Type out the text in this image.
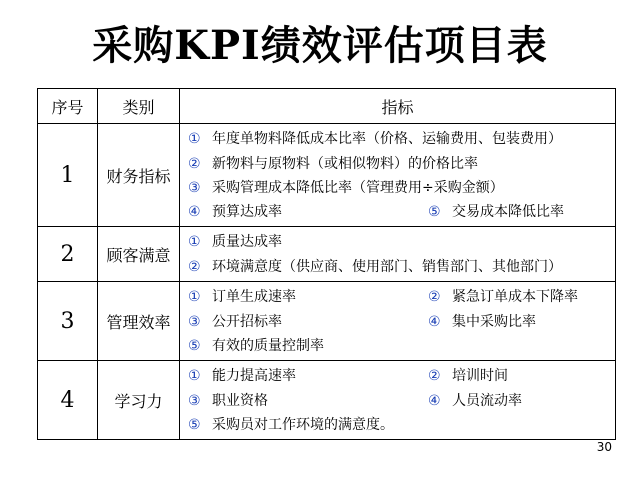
采购KPI绩效评估项目表
序号	类别	指标
1	财务指标	① 年度单物料降低成本比率（价格、运输费用、包装费用）
② 新物料与原物料（或相似物料）的价格比率
③ 采购管理成本降低比率（管理费用÷采购金额）
④ 预算达成率 ⑤ 交易成本降低比率

2	顾客满意	① 质量达成率
② 环境满意度（供应商、使用部门、销售部门、其他部门）

3	管理效率	① 订单生成速率 ② 紧急订单成本下降率
③ 公开招标率 ④ 集中采购比率
⑤ 有效的质量控制率

4	学习力	① 能力提高速率 ② 培训时间
③ 职业资格 ④ 人员流动率
⑤ 采购员对工作环境的满意度。
30
